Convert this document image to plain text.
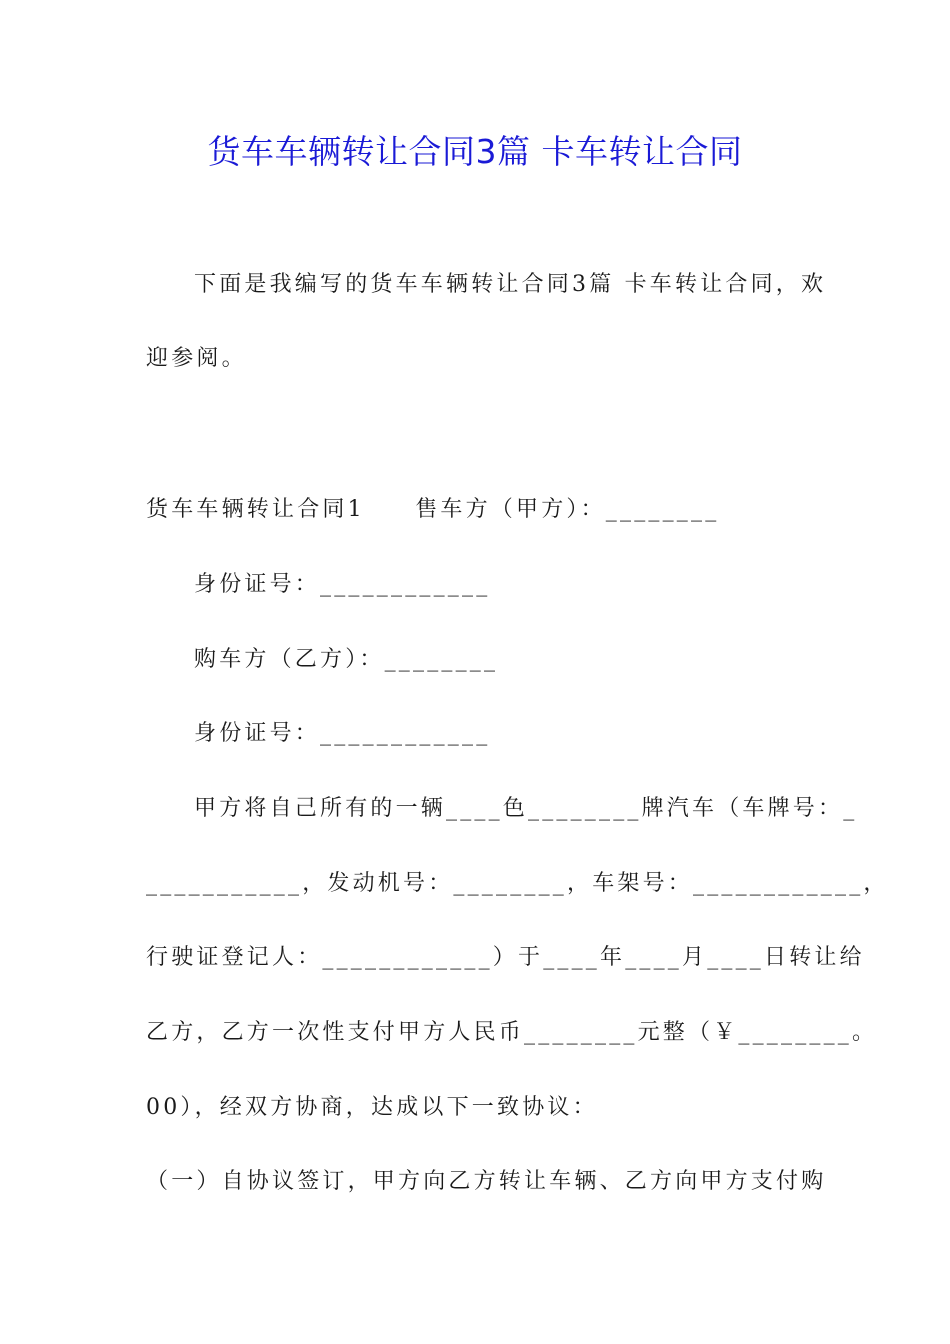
货车车辆转让合同3篇 卡车转让合同
下面是我编写的货车车辆转让合同3篇 卡车转让合同，欢
迎参阅。
货车车辆转让合同1　　售车方（甲方）：________
身份证号：____________
购车方（乙方）：________
身份证号：____________
甲方将自己所有的一辆____色________牌汽车（车牌号：_
___________，发动机号：________，车架号：____________，
行驶证登记人：____________）于____年____月____日转让给
乙方，乙方一次性支付甲方人民币________元整（￥________。
00），经双方协商，达成以下一致协议：
（一）自协议签订，甲方向乙方转让车辆、乙方向甲方支付购
